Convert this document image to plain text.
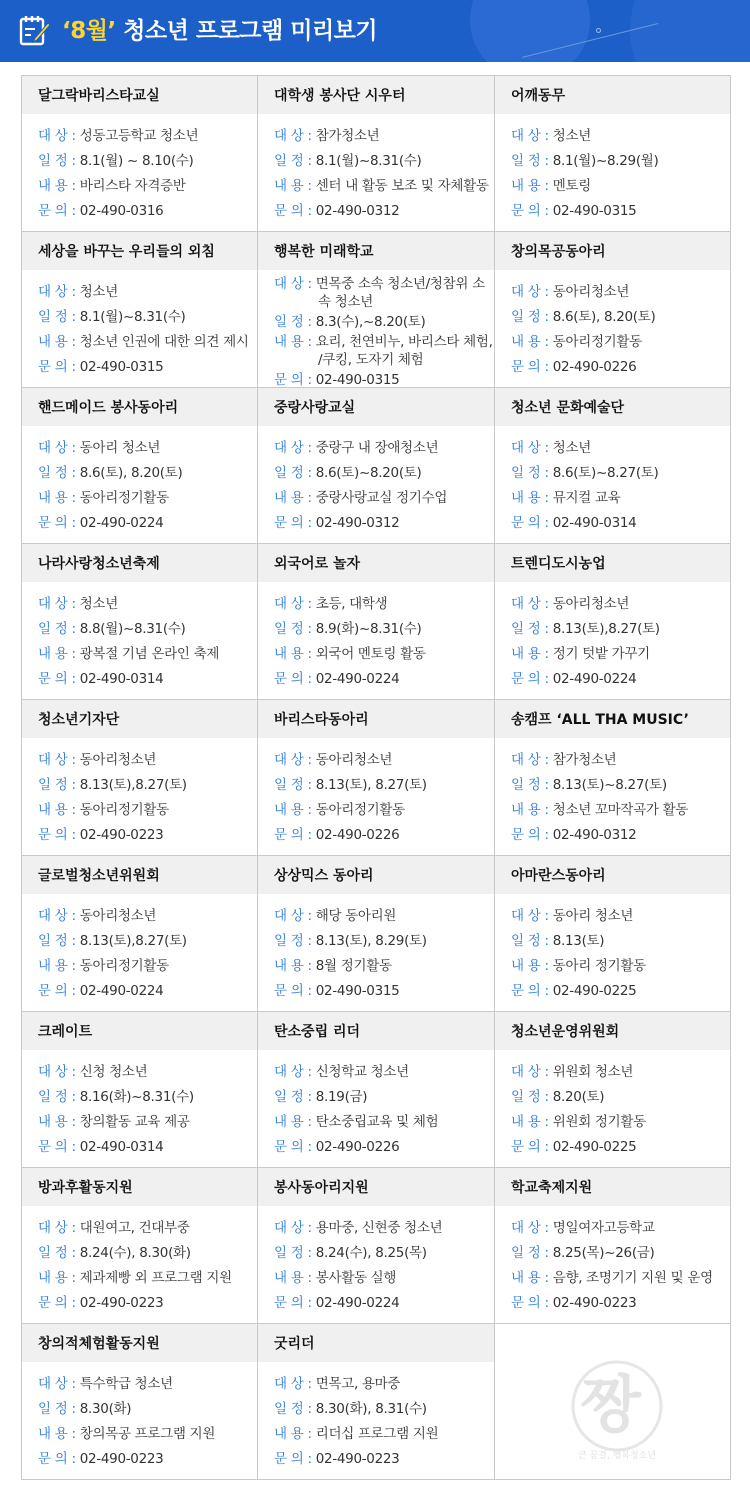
‘8월’ 청소년 프로그램 미리보기
달그락바리스타교실
대 상 : 성동고등학교 청소년
일 정 : 8.1(월) ~ 8.10(수)
내 용 : 바리스타 자격증반
문 의 : 02-490-0316
대학생 봉사단 시우터
대 상 : 참가청소년
일 정 : 8.1(월)~8.31(수)
내 용 : 센터 내 활동 보조 및 자체활동
문 의 : 02-490-0312
어깨동무
대 상 : 청소년
일 정 : 8.1(월)~8.29(월)
내 용 : 멘토링
문 의 : 02-490-0315
세상을 바꾸는 우리들의 외침
대 상 : 청소년
일 정 : 8.1(월)~8.31(수)
내 용 : 청소년 인권에 대한 의견 제시
문 의 : 02-490-0315
행복한 미래학교
대 상 : 면목중 소속 청소년/청참위 소속 청소년
일 정 : 8.3(수),~8.20(토)
내 용 : 요리, 천연비누, 바리스타 체험, /쿠킹, 도자기 체험
문 의 : 02-490-0315
창의목공동아리
대 상 : 동아리청소년
일 정 : 8.6(토), 8.20(토)
내 용 : 동아리정기활동
문 의 : 02-490-0226
핸드메이드 봉사동아리
대 상 : 동아리 청소년
일 정 : 8.6(토), 8.20(토)
내 용 : 동아리정기활동
문 의 : 02-490-0224
중랑사랑교실
대 상 : 중랑구 내 장애청소년
일 정 : 8.6(토)~8.20(토)
내 용 : 중랑사랑교실 정기수업
문 의 : 02-490-0312
청소년 문화예술단
대 상 : 청소년
일 정 : 8.6(토)~8.27(토)
내 용 : 뮤지컬 교육
문 의 : 02-490-0314
나라사랑청소년축제
대 상 : 청소년
일 정 : 8.8(월)~8.31(수)
내 용 : 광복절 기념 온라인 축제
문 의 : 02-490-0314
외국어로 놀자
대 상 : 초등, 대학생
일 정 : 8.9(화)~8.31(수)
내 용 : 외국어 멘토링 활동
문 의 : 02-490-0224
트렌디도시농업
대 상 : 동아리청소년
일 정 : 8.13(토),8.27(토)
내 용 : 정기 텃밭 가꾸기
문 의 : 02-490-0224
청소년기자단
대 상 : 동아리청소년
일 정 : 8.13(토),8.27(토)
내 용 : 동아리정기활동
문 의 : 02-490-0223
바리스타동아리
대 상 : 동아리청소년
일 정 : 8.13(토), 8.27(토)
내 용 : 동아리정기활동
문 의 : 02-490-0226
송캠프 ‘ALL THA MUSIC’
대 상 : 참가청소년
일 정 : 8.13(토)~8.27(토)
내 용 : 청소년 꼬마작곡가 활동
문 의 : 02-490-0312
글로벌청소년위원회
대 상 : 동아리청소년
일 정 : 8.13(토),8.27(토)
내 용 : 동아리정기활동
문 의 : 02-490-0224
상상믹스 동아리
대 상 : 해당 동아리원
일 정 : 8.13(토), 8.29(토)
내 용 : 8월 정기활동
문 의 : 02-490-0315
아마란스동아리
대 상 : 동아리 청소년
일 정 : 8.13(토)
내 용 : 동아리 정기활동
문 의 : 02-490-0225
크레이트
대 상 : 신청 청소년
일 정 : 8.16(화)~8.31(수)
내 용 : 창의활동 교육 제공
문 의 : 02-490-0314
탄소중립 리더
대 상 : 신청학교 청소년
일 정 : 8.19(금)
내 용 : 탄소중립교육 및 체험
문 의 : 02-490-0226
청소년운영위원회
대 상 : 위원회 청소년
일 정 : 8.20(토)
내 용 : 위원회 정기활동
문 의 : 02-490-0225
방과후활동지원
대 상 : 대원여고, 건대부중
일 정 : 8.24(수), 8.30(화)
내 용 : 제과제빵 외 프로그램 지원
문 의 : 02-490-0223
봉사동아리지원
대 상 : 용마중, 신현중 청소년
일 정 : 8.24(수), 8.25(목)
내 용 : 봉사활동 실행
문 의 : 02-490-0224
학교축제지원
대 상 : 명일여자고등학교
일 정 : 8.25(목)~26(금)
내 용 : 음향, 조명기기 지원 및 운영
문 의 : 02-490-0223
창의적체험활동지원
대 상 : 특수학급 청소년
일 정 : 8.30(화)
내 용 : 창의목공 프로그램 지원
문 의 : 02-490-0223
굿리더
대 상 : 면목고, 용마중
일 정 : 8.30(화), 8.31(수)
내 용 : 리더십 프로그램 지원
문 의 : 02-490-0223
짱
큰 꿈결, 행복청소년
